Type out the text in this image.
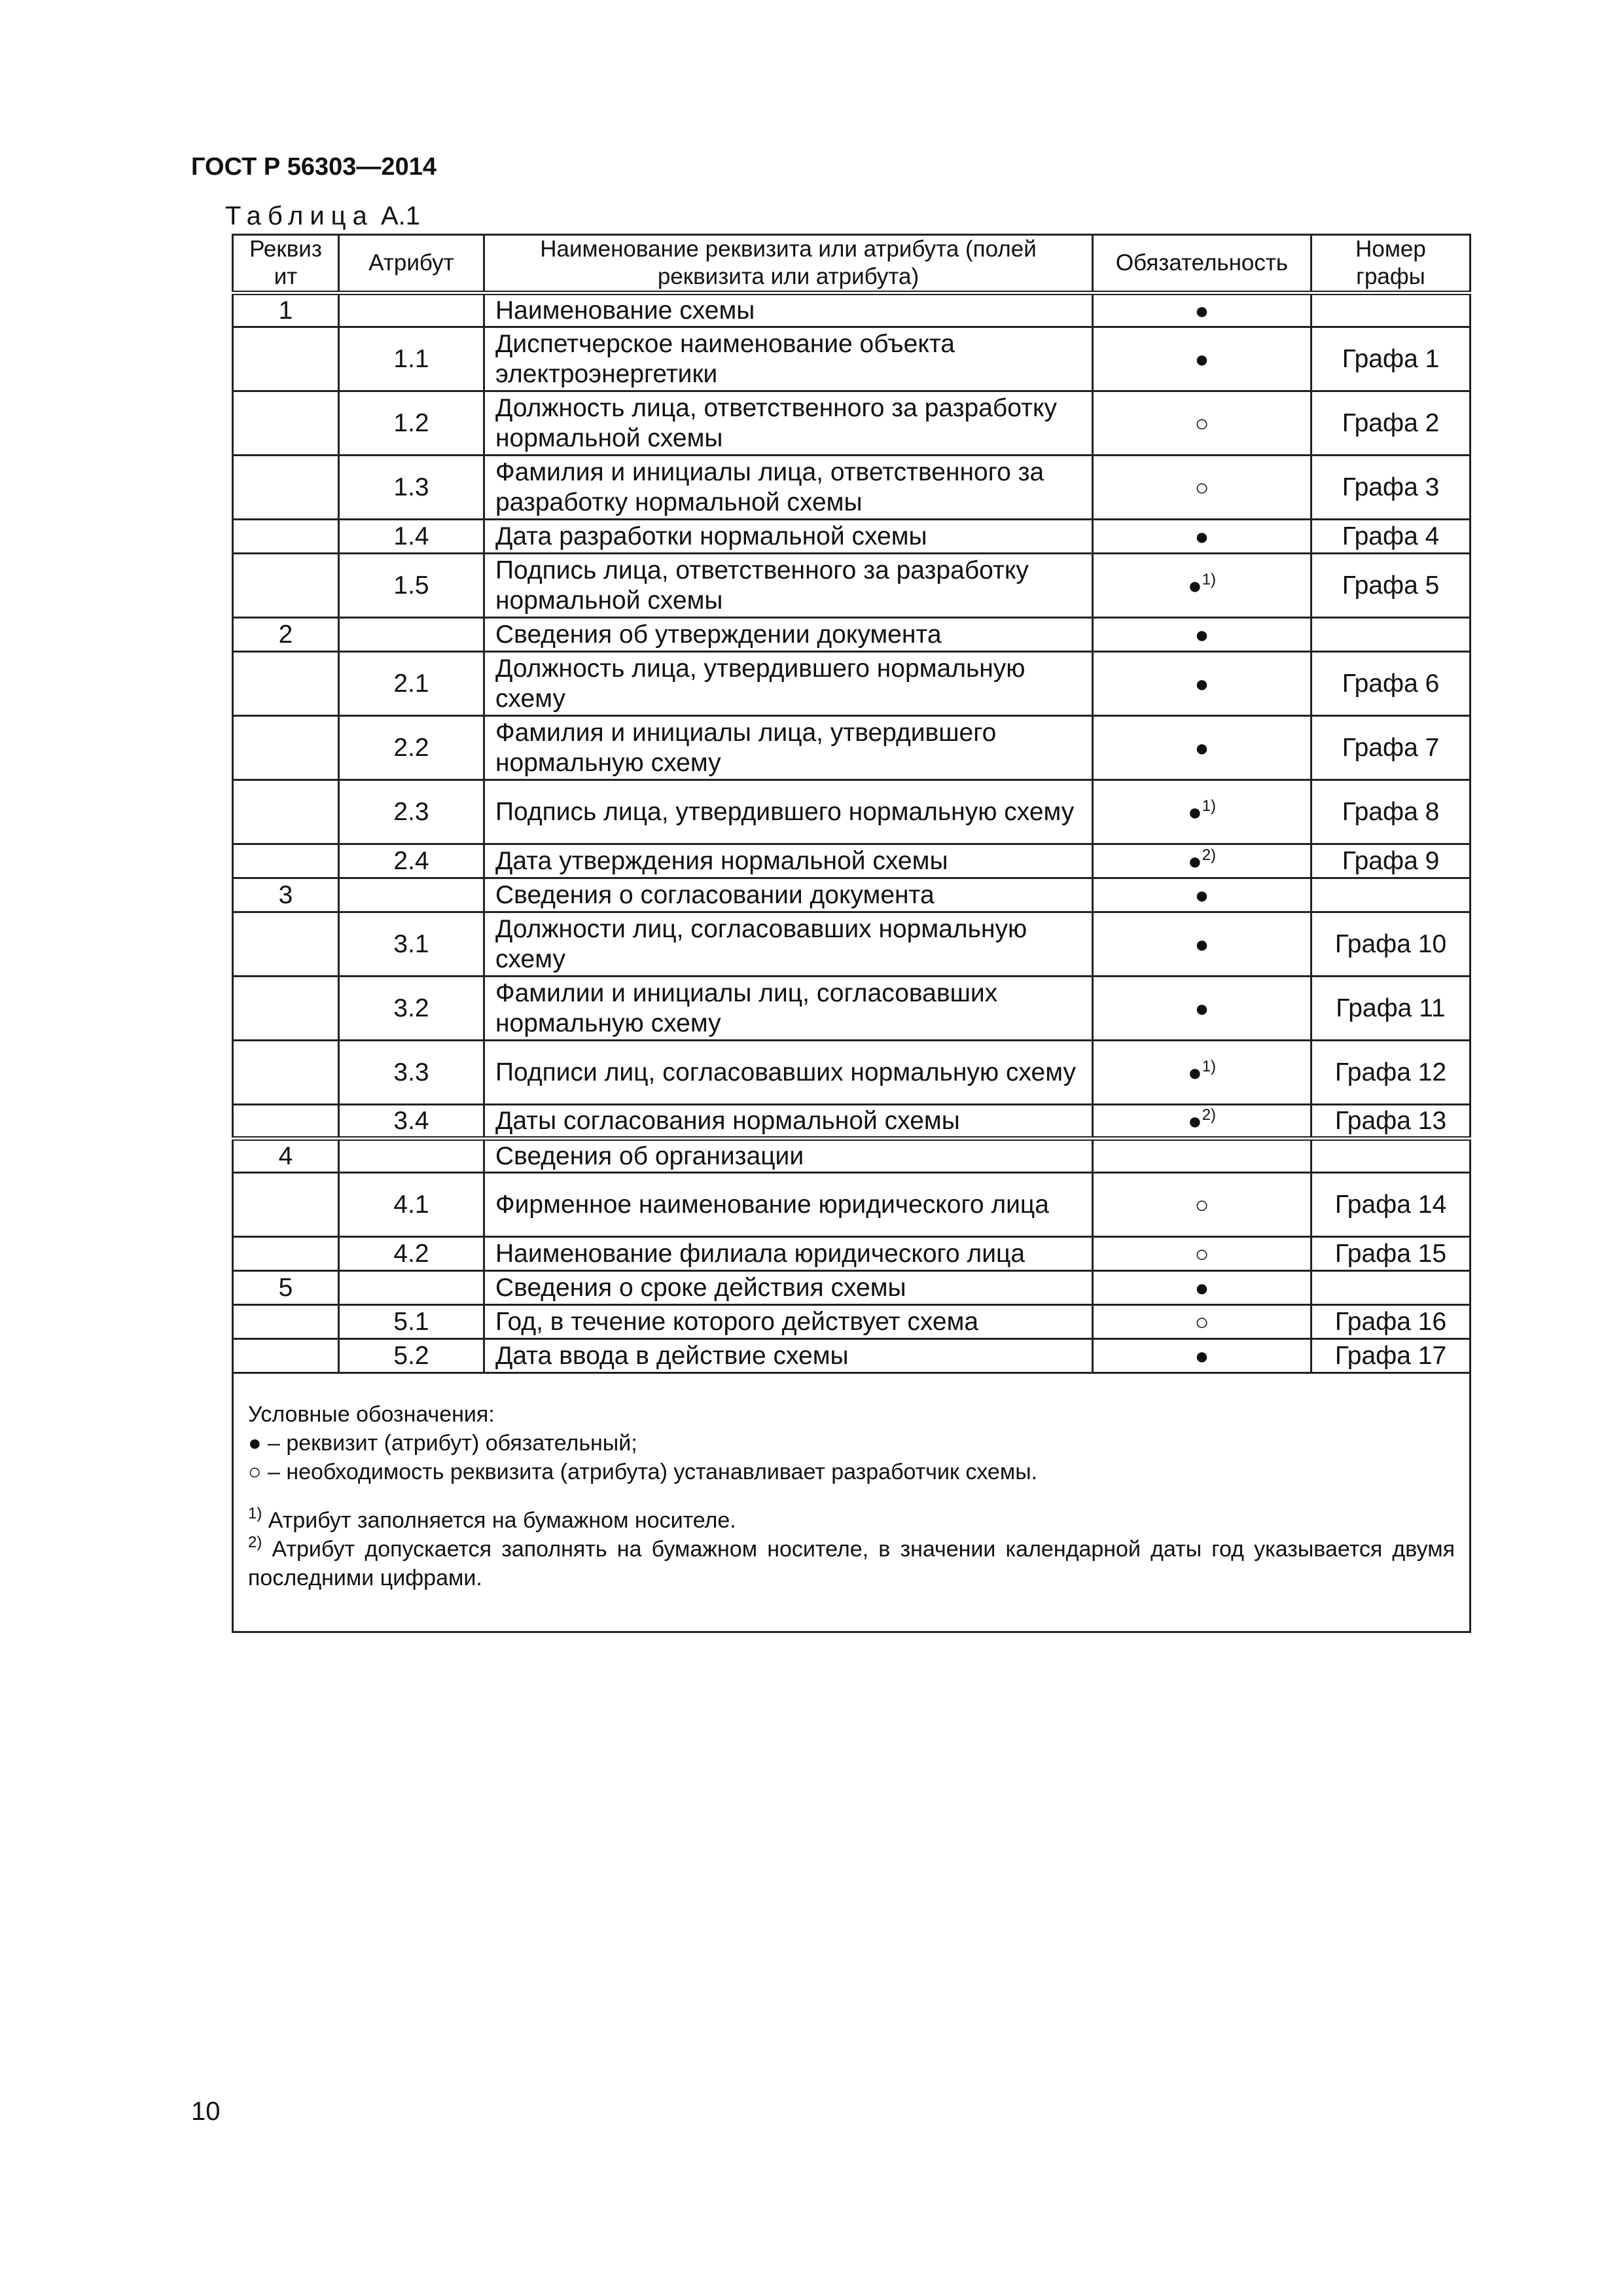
ГОСТ Р 56303—2014
Таблица А.1
Реквиз ит	Атрибут	Наименование реквизита или атрибута (полей реквизита или атрибута)	Обязательность	Номер графы
1		Наименование схемы	●	
	1.1	Диспетчерское наименование объекта электроэнергетики	●	Графа 1
	1.2	Должность лица, ответственного за разработку нормальной схемы	○	Графа 2
	1.3	Фамилия и инициалы лица, ответственного за разработку нормальной схемы	○	Графа 3
	1.4	Дата разработки нормальной схемы	●	Графа 4
	1.5	Подпись лица, ответственного за разработку нормальной схемы	●$^{1)}$	Графа 5
2		Сведения об утверждении документа	●	
	2.1	Должность лица, утвердившего нормальную схему	●	Графа 6
	2.2	Фамилия и инициалы лица, утвердившего нормальную схему	●	Графа 7
	2.3	Подпись лица, утвердившего нормальную схему	●$^{1)}$	Графа 8
	2.4	Дата утверждения нормальной схемы	●$^{2)}$	Графа 9
3		Сведения о согласовании документа	●	
	3.1	Должности лиц, согласовавших нормальную схему	●	Графа 10
	3.2	Фамилии и инициалы лиц, согласовавших нормальную схему	●	Графа 11
	3.3	Подписи лиц, согласовавших нормальную схему	●$^{1)}$	Графа 12
	3.4	Даты согласования нормальной схемы	●$^{2)}$	Графа 13
4		Сведения об организации		
	4.1	Фирменное наименование юридического лица	○	Графа 14
	4.2	Наименование филиала юридического лица	○	Графа 15
5		Сведения о сроке действия схемы	●	
	5.1	Год, в течение которого действует схема	○	Графа 16
	5.2	Дата ввода в действие схемы	●	Графа 17

Условные обозначения:
● – реквизит (атрибут) обязательный;
○ – необходимость реквизита (атрибута) устанавливает разработчик схемы.
$^{1)}$ Атрибут заполняется на бумажном носителе.
$^{2)}$ Атрибут допускается заполнять на бумажном носителе, в значении календарной даты год указывается двумя последними цифрами.				
10
